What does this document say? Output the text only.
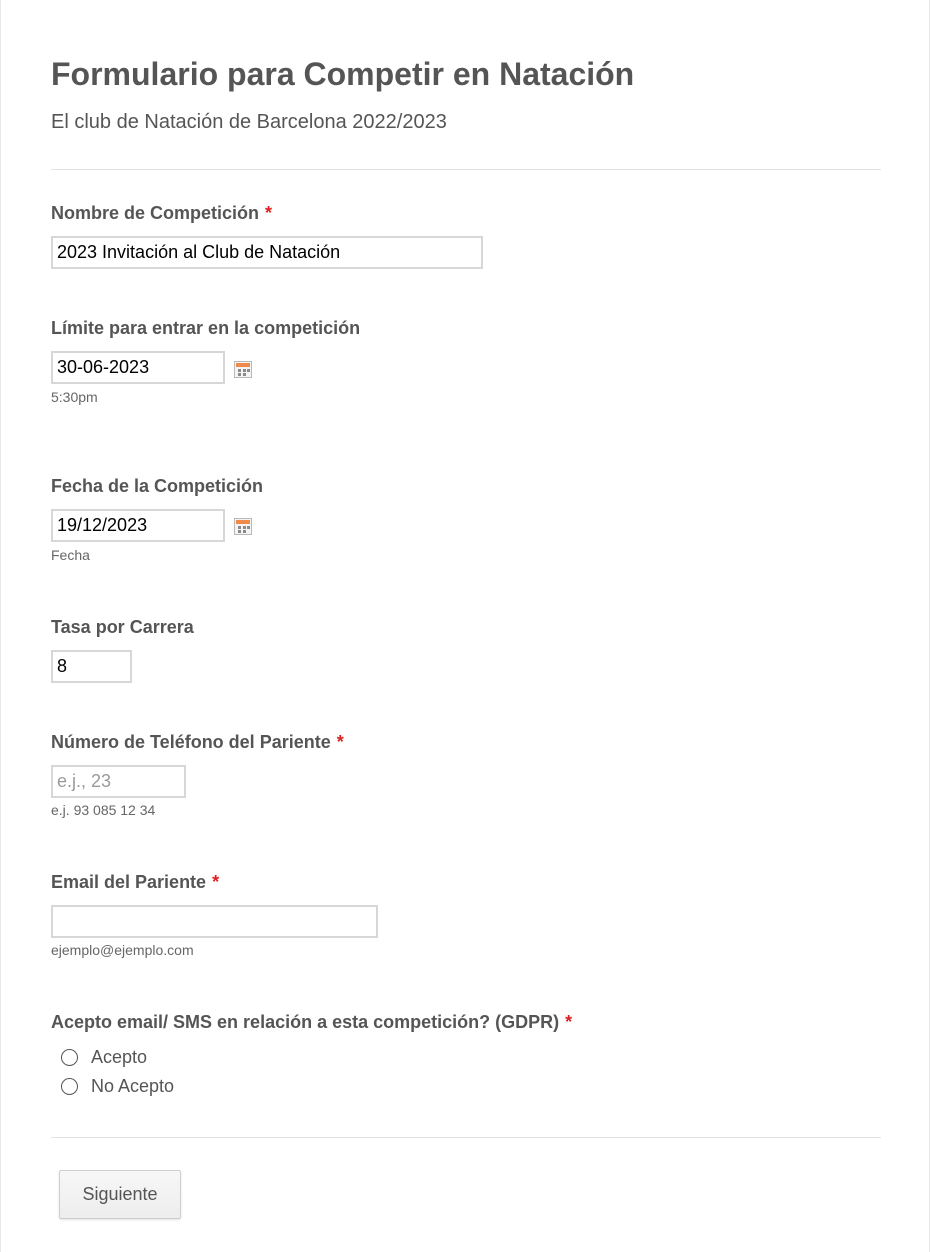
Formulario para Competir en Natación
El club de Natación de Barcelona 2022/2023
Nombre de Competición *
2023 Invitación al Club de Natación
Límite para entrar en la competición
30-06-2023
5:30pm
Fecha de la Competición
19/12/2023
Fecha
Tasa por Carrera
8
Número de Teléfono del Pariente *
e.j., 23
e.j. 93 085 12 34
Email del Pariente *
ejemplo@ejemplo.com
Acepto email/ SMS en relación a esta competición? (GDPR) *
Acepto
No Acepto
Siguiente
